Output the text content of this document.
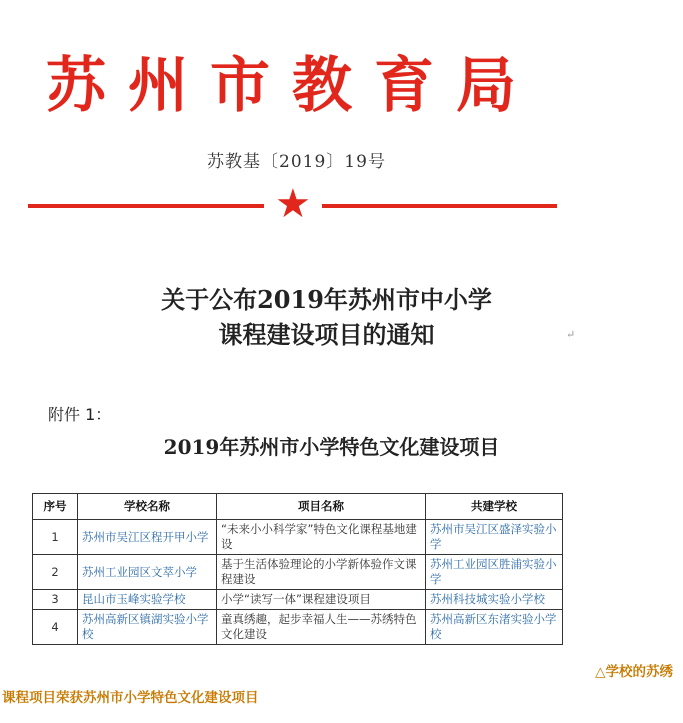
苏州市教育局
苏教基〔2019〕19号
★
关于公布2019年苏州市中小学
课程建设项目的通知	↵
附件 1：
2019年苏州市小学特色文化建设项目
序号	学校名称	项目名称	共建学校
1	苏州市吴江区程开甲小学	“未来小小科学家”特色文化课程基地建设	苏州市吴江区盛泽实验小学
2	苏州工业园区文萃小学	基于生活体验理论的小学新体验作文课程建设	苏州工业园区胜浦实验小学
3	昆山市玉峰实验学校	小学“读写一体”课程建设项目	苏州科技城实验小学校
4	苏州高新区镇湖实验小学校	童真绣趣，起步幸福人生——苏绣特色文化建设	苏州高新区东渚实验小学校
△学校的苏绣
课程项目荣获苏州市小学特色文化建设项目
